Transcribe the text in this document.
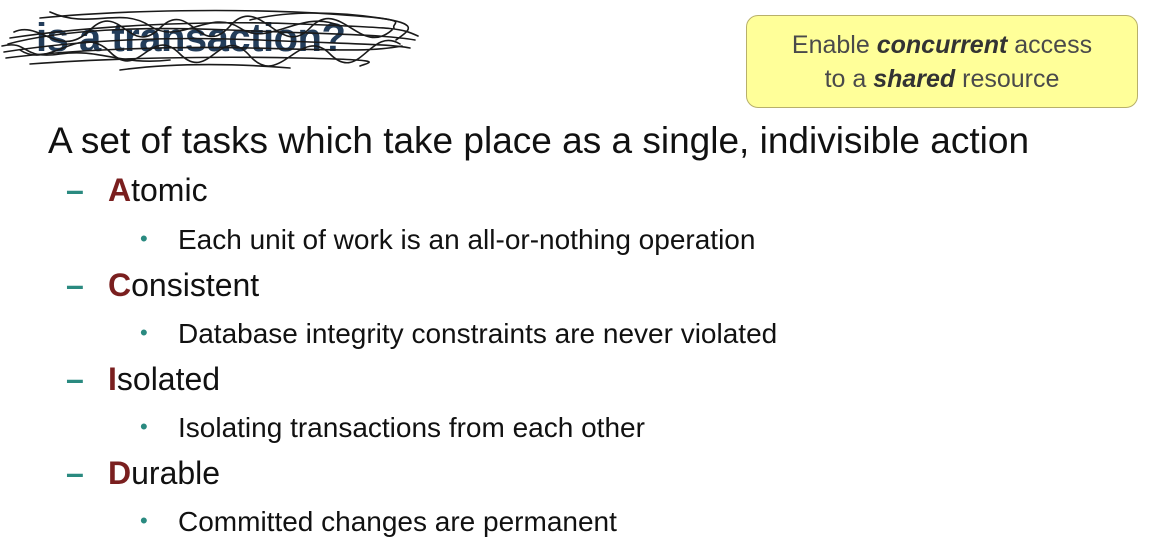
is a transaction?	Enable concurrent access
to a shared resource
A set of tasks which take place as a single, indivisible action
– Atomic
• Each unit of work is an all-or-nothing operation
– Consistent
• Database integrity constraints are never violated
– Isolated
• Isolating transactions from each other
– Durable
• Committed changes are permanent
